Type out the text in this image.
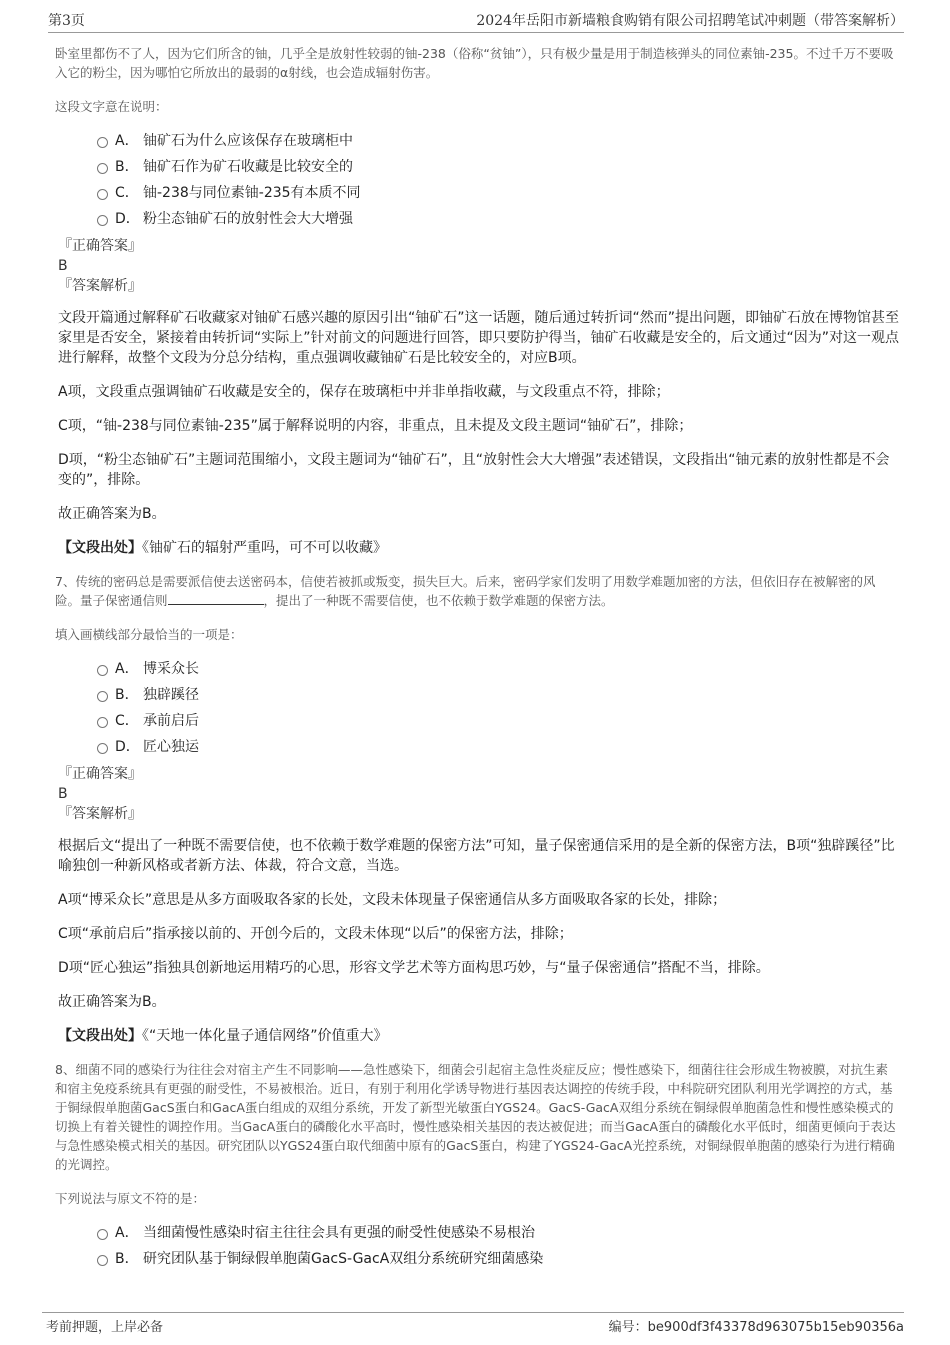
第3页	2024年岳阳市新墙粮食购销有限公司招聘笔试冲刺题（带答案解析）

卧室里都伤不了人，因为它们所含的铀，几乎全是放射性较弱的铀-238（俗称“贫铀”），只有极少量是用于制造核弹头的同位素铀-235。不过千万不要吸入它的粉尘，因为哪怕它所放出的最弱的α射线，也会造成辐射伤害。

这段文字意在说明：

A． 铀矿石为什么应该保存在玻璃柜中
B． 铀矿石作为矿石收藏是比较安全的
C． 铀-238与同位素铀-235有本质不同
D． 粉尘态铀矿石的放射性会大大增强
『正确答案』
B
『答案解析』

文段开篇通过解释矿石收藏家对铀矿石感兴趣的原因引出“铀矿石”这一话题，随后通过转折词“然而”提出问题，即铀矿石放在博物馆甚至家里是否安全，紧接着由转折词“实际上”针对前文的问题进行回答，即只要防护得当，铀矿石收藏是安全的，后文通过“因为”对这一观点进行解释，故整个文段为分总分结构，重点强调收藏铀矿石是比较安全的，对应B项。

A项，文段重点强调铀矿石收藏是安全的，保存在玻璃柜中并非单指收藏，与文段重点不符，排除；

C项，“铀-238与同位素铀-235”属于解释说明的内容，非重点，且未提及文段主题词“铀矿石”，排除；

D项，“粉尘态铀矿石”主题词范围缩小，文段主题词为“铀矿石”，且“放射性会大大增强”表述错误，文段指出“铀元素的放射性都是不会变的”，排除。

故正确答案为B。

【文段出处】《铀矿石的辐射严重吗，可不可以收藏》

7、传统的密码总是需要派信使去送密码本，信使若被抓或叛变，损失巨大。后来，密码学家们发明了用数学难题加密的方法，但依旧存在被解密的风险。量子保密通信则	，提出了一种既不需要信使，也不依赖于数学难题的保密方法。

填入画横线部分最恰当的一项是：

A． 博采众长
B． 独辟蹊径
C． 承前启后
D． 匠心独运
『正确答案』
B
『答案解析』

根据后文“提出了一种既不需要信使，也不依赖于数学难题的保密方法”可知，量子保密通信采用的是全新的保密方法，B项“独辟蹊径”比喻独创一种新风格或者新方法、体裁，符合文意，当选。

A项“博采众长”意思是从多方面吸取各家的长处，文段未体现量子保密通信从多方面吸取各家的长处，排除；

C项“承前启后”指承接以前的、开创今后的，文段未体现“以后”的保密方法，排除；

D项“匠心独运”指独具创新地运用精巧的心思，形容文学艺术等方面构思巧妙，与“量子保密通信”搭配不当，排除。

故正确答案为B。

【文段出处】《“天地一体化量子通信网络”价值重大》

8、细菌不同的感染行为往往会对宿主产生不同影响——急性感染下，细菌会引起宿主急性炎症反应；慢性感染下，细菌往往会形成生物被膜，对抗生素和宿主免疫系统具有更强的耐受性，不易被根治。近日，有别于利用化学诱导物进行基因表达调控的传统手段，中科院研究团队利用光学调控的方式，基于铜绿假单胞菌GacS蛋白和GacA蛋白组成的双组分系统，开发了新型光敏蛋白YGS24。GacS-GacA双组分系统在铜绿假单胞菌急性和慢性感染模式的切换上有着关键性的调控作用。当GacA蛋白的磷酸化水平高时，慢性感染相关基因的表达被促进；而当GacA蛋白的磷酸化水平低时，细菌更倾向于表达与急性感染模式相关的基因。研究团队以YGS24蛋白取代细菌中原有的GacS蛋白，构建了YGS24-GacA光控系统，对铜绿假单胞菌的感染行为进行精确的光调控。

下列说法与原文不符的是：

A． 当细菌慢性感染时宿主往往会具有更强的耐受性使感染不易根治
B． 研究团队基于铜绿假单胞菌GacS-GacA双组分系统研究细菌感染
考前押题，上岸必备	编号：be900df3f43378d963075b15eb90356a
